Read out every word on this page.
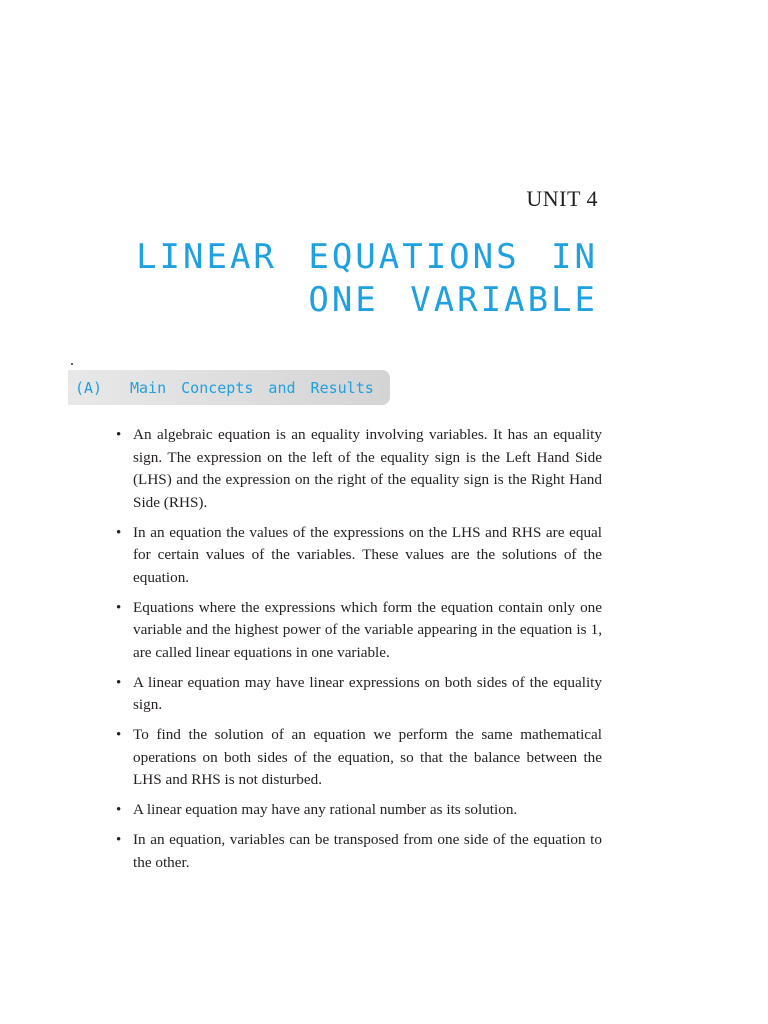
UNIT 4
LINEAR EQUATIONS IN
ONE VARIABLE
(A)	Main Concepts and Results
• An algebraic equation is an equality involving variables. It has an equality sign. The expression on the left of the equality sign is the Left Hand Side (LHS) and the expression on the right of the equality sign is the Right Hand Side (RHS).
• In an equation the values of the expressions on the LHS and RHS are equal for certain values of the variables. These values are the solutions of the equation.
• Equations where the expressions which form the equation contain only one variable and the highest power of the variable appearing in the equation is 1, are called linear equations in one variable.
• A linear equation may have linear expressions on both sides of the equality sign.
• To find the solution of an equation we perform the same mathematical operations on both sides of the equation, so that the balance between the LHS and RHS is not disturbed.
• A linear equation may have any rational number as its solution.
• In an equation, variables can be transposed from one side of the equation to the other.
